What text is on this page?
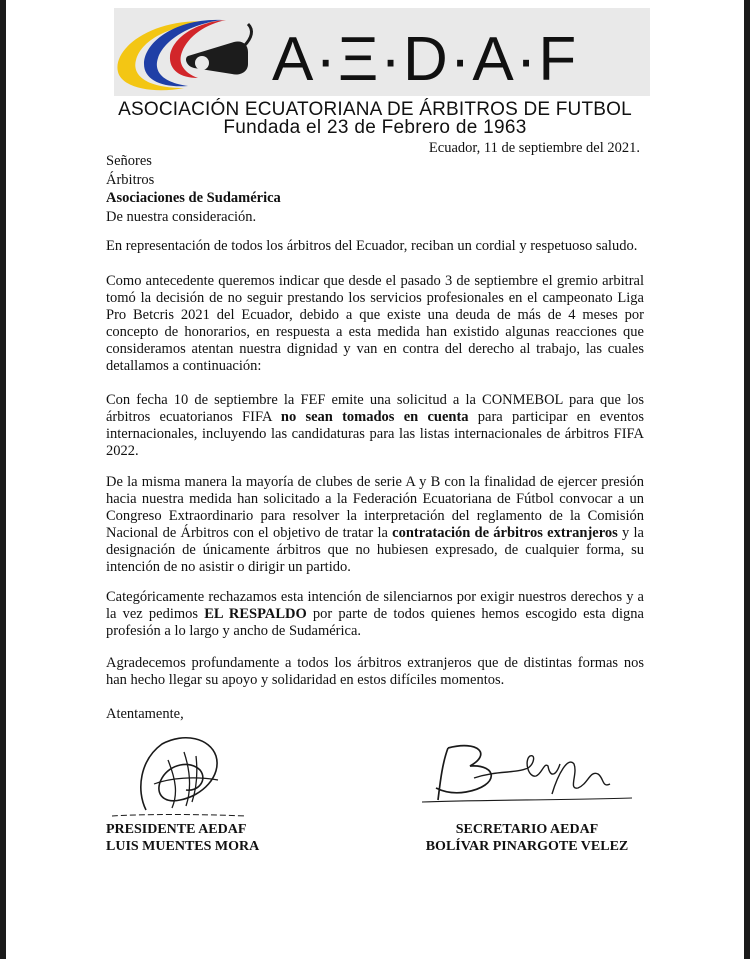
A·Ξ·D·A·F
ASOCIACIÓN ECUATORIANA DE ÁRBITROS DE FUTBOL
Fundada el 23 de Febrero de 1963
Ecuador, 11 de septiembre del 2021.
Señores
Árbitros
Asociaciones de Sudamérica
De nuestra consideración.
En representación de todos los árbitros del Ecuador, reciban un cordial y respetuoso saludo.
Como antecedente queremos indicar que desde el pasado 3 de septiembre el gremio arbitral tomó la decisión de no seguir prestando los servicios profesionales en el campeonato Liga Pro Betcris 2021 del Ecuador, debido a que existe una deuda de más de 4 meses por concepto de honorarios, en respuesta a esta medida han existido algunas reacciones que consideramos atentan nuestra dignidad y van en contra del derecho al trabajo, las cuales detallamos a continuación:
Con fecha 10 de septiembre la FEF emite una solicitud a la CONMEBOL para que los árbitros ecuatorianos FIFA no sean tomados en cuenta para participar en eventos internacionales, incluyendo las candidaturas para las listas internacionales de árbitros FIFA 2022.
De la misma manera la mayoría de clubes de serie A y B con la finalidad de ejercer presión hacia nuestra medida han solicitado a la Federación Ecuatoriana de Fútbol convocar a un Congreso Extraordinario para resolver la interpretación del reglamento de la Comisión Nacional de Árbitros con el objetivo de tratar la contratación de árbitros extranjeros y la designación de únicamente árbitros que no hubiesen expresado, de cualquier forma, su intención de no asistir o dirigir un partido.
Categóricamente rechazamos esta intención de silenciarnos por exigir nuestros derechos y a la vez pedimos EL RESPALDO por parte de todos quienes hemos escogido esta digna profesión a lo largo y ancho de Sudamérica.
Agradecemos profundamente a todos los árbitros extranjeros que de distintas formas nos han hecho llegar su apoyo y solidaridad en estos difíciles momentos.
Atentamente,
PRESIDENTE AEDAF
LUIS MUENTES MORA
SECRETARIO AEDAF
BOLÍVAR PINARGOTE VELEZ
